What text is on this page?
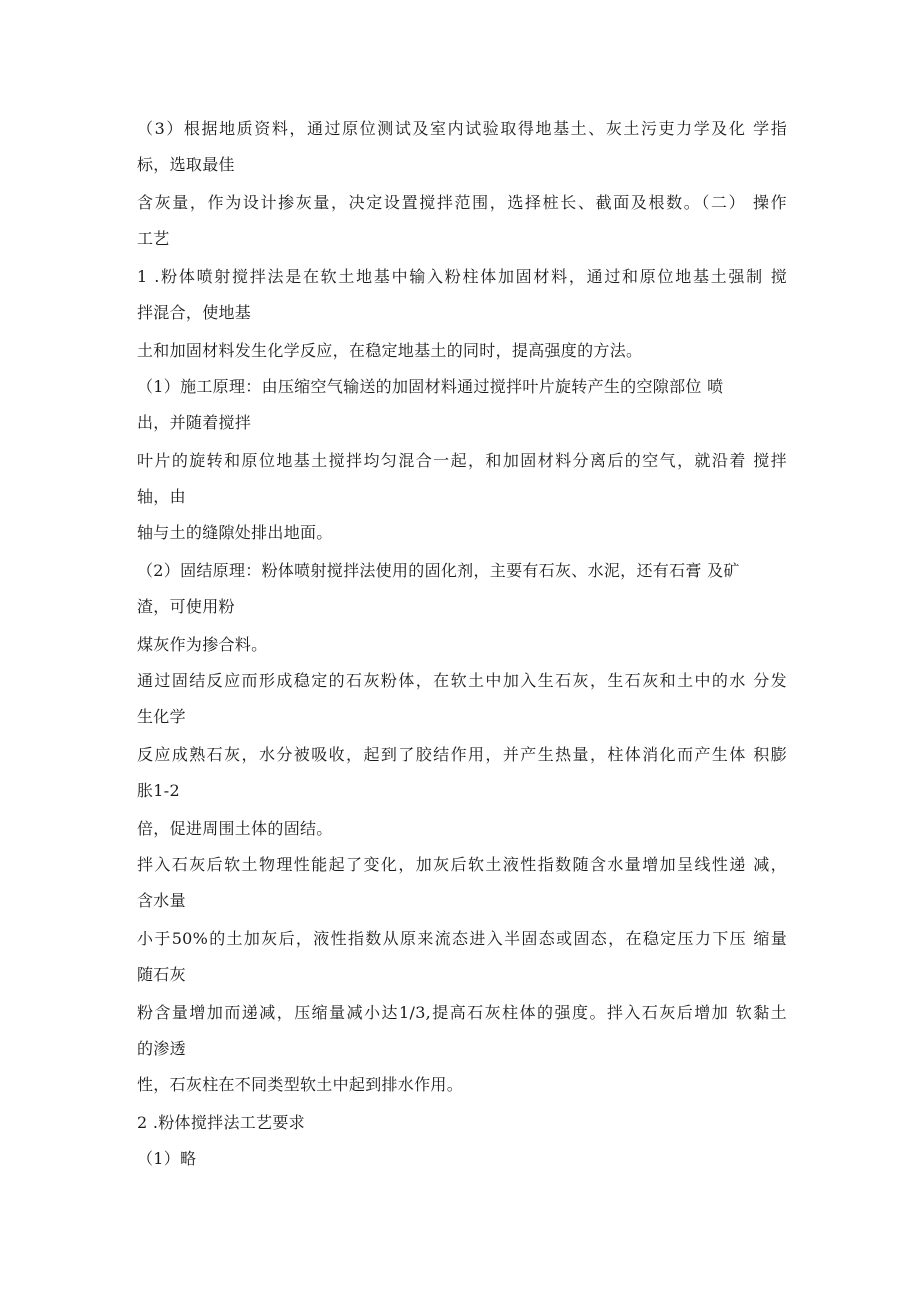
（3）根据地质资料，通过原位测试及室内试验取得地基土、灰土污吏力学及化 学指
标，选取最佳
含灰量，作为设计掺灰量，决定设置搅拌范围，选择桩长、截面及根数。（二） 操作
工艺
1 .粉体喷射搅拌法是在软土地基中输入粉柱体加固材料，通过和原位地基土强制 搅
拌混合，使地基
土和加固材料发生化学反应，在稳定地基土的同时，提高强度的方法。
（1）施工原理：由压缩空气输送的加固材料通过搅拌叶片旋转产生的空隙部位 喷
出，并随着搅拌
叶片的旋转和原位地基土搅拌均匀混合一起，和加固材料分离后的空气，就沿着 搅拌
轴，由
轴与土的缝隙处排出地面。
（2）固结原理：粉体喷射搅拌法使用的固化剂，主要有石灰、水泥，还有石膏 及矿
渣，可使用粉
煤灰作为掺合料。
通过固结反应而形成稳定的石灰粉体，在软土中加入生石灰，生石灰和土中的水 分发
生化学
反应成熟石灰，水分被吸收，起到了胶结作用，并产生热量，柱体消化而产生体 积膨
胀1-2
倍，促进周围土体的固结。
拌入石灰后软土物理性能起了变化，加灰后软土液性指数随含水量增加呈线性递 减，
含水量
小于50%的土加灰后，液性指数从原来流态进入半固态或固态，在稳定压力下压 缩量
随石灰
粉含量增加而递减，压缩量减小达1/3,提高石灰柱体的强度。拌入石灰后增加 软黏土
的渗透
性，石灰柱在不同类型软土中起到排水作用。
2 .粉体搅拌法工艺要求
（1）略
